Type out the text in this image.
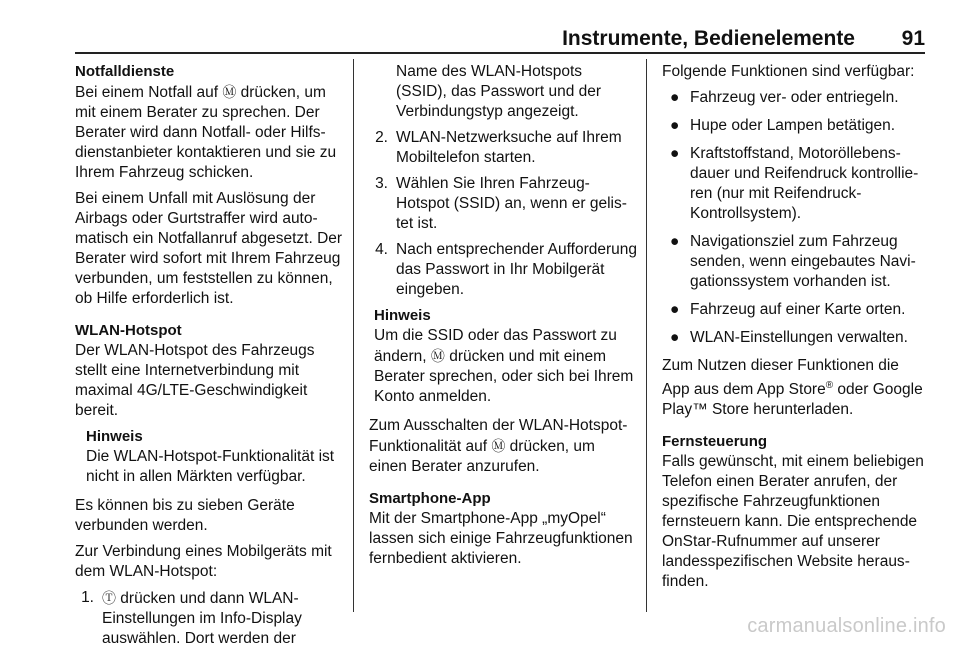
Instrumente, Bedienelemente 91

Notfalldienste

Bei einem Notfall auf Ⓜ drücken, um mit einem Berater zu sprechen. Der Berater wird dann Notfall- oder Hilfsdienstanbieter kontaktieren und sie zu Ihrem Fahrzeug schicken.

Bei einem Unfall mit Auslösung der Airbags oder Gurtstraffer wird automatisch ein Notfallanruf abgesetzt. Der Berater wird sofort mit Ihrem Fahrzeug verbunden, um feststellen zu können, ob Hilfe erforderlich ist.

WLAN-Hotspot

Der WLAN-Hotspot des Fahrzeugs stellt eine Internetverbindung mit maximal 4G/LTE-Geschwindigkeit bereit.

Hinweis

Die WLAN-Hotspot-Funktionalität ist nicht in allen Märkten verfügbar.

Es können bis zu sieben Geräte verbunden werden.

Zur Verbindung eines Mobilgeräts mit dem WLAN-Hotspot:

1. Ⓣ drücken und dann WLAN-Einstellungen im Info-Display auswählen. Dort werden der

Name des WLAN-Hotspots (SSID), das Passwort und der Verbindungstyp angezeigt.

2. WLAN-Netzwerksuche auf Ihrem Mobiltelefon starten.
3. Wählen Sie Ihren Fahrzeug-Hotspot (SSID) an, wenn er gelistet ist.
4. Nach entsprechender Aufforderung das Passwort in Ihr Mobilgerät eingeben.

Hinweis

Um die SSID oder das Passwort zu ändern, Ⓜ drücken und mit einem Berater sprechen, oder sich bei Ihrem Konto anmelden.

Zum Ausschalten der WLAN-Hotspot-Funktionalität auf Ⓜ drücken, um einen Berater anzurufen.

Smartphone-App

Mit der Smartphone-App „myOpel“ lassen sich einige Fahrzeugfunktionen fernbedient aktivieren.

Folgende Funktionen sind verfügbar:

● Fahrzeug ver- oder entriegeln.
● Hupe oder Lampen betätigen.
● Kraftstoffstand, Motoröllebensdauer und Reifendruck kontrollieren (nur mit Reifendruck-Kontrollsystem).
● Navigationsziel zum Fahrzeug senden, wenn eingebautes Navigationssystem vorhanden ist.
● Fahrzeug auf einer Karte orten.
● WLAN-Einstellungen verwalten.

Zum Nutzen dieser Funktionen die App aus dem App Store® oder Google Play™ Store herunterladen.

Fernsteuerung

Falls gewünscht, mit einem beliebigen Telefon einen Berater anrufen, der spezifische Fahrzeugfunktionen fernsteuern kann. Die entsprechende OnStar-Rufnummer auf unserer landesspezifischen Website herausfinden.

carmanualsonline.info
